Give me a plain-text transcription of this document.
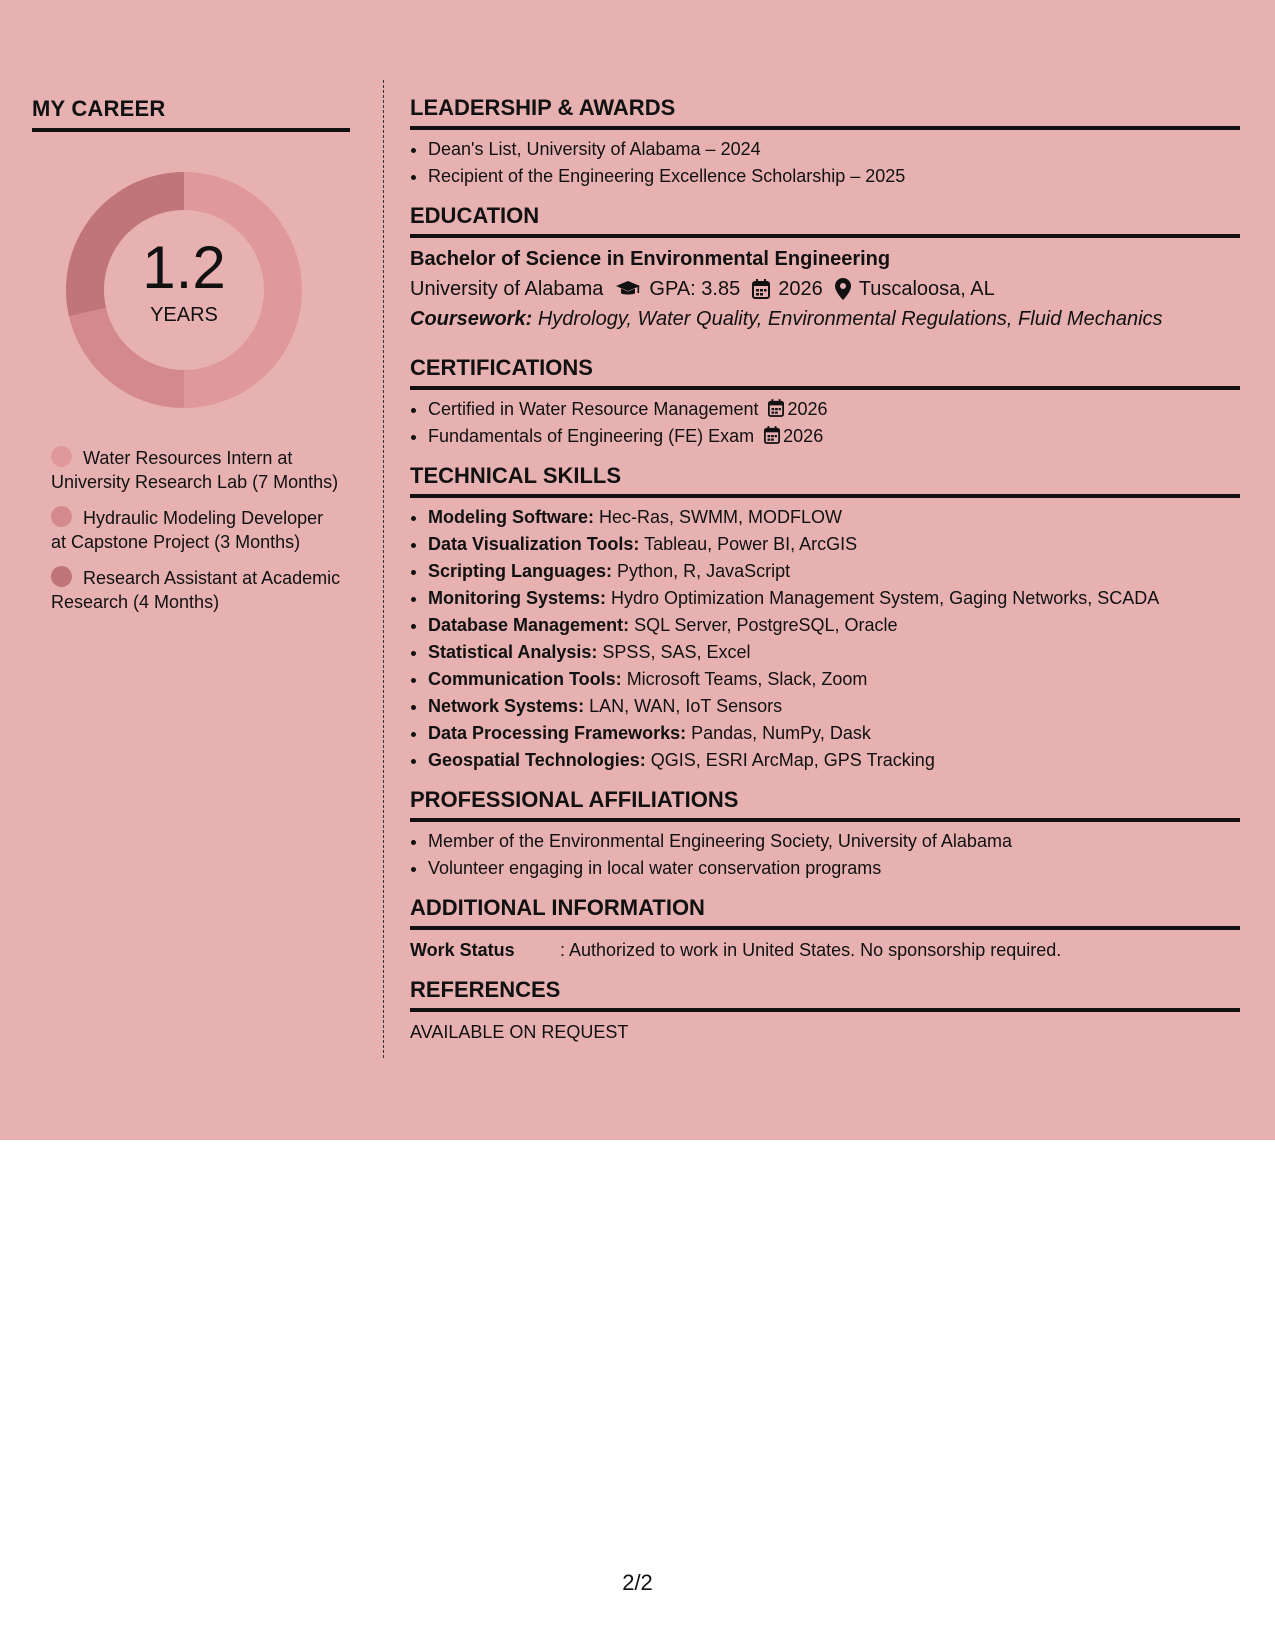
MY CAREER
1.2
YEARS
Water Resources Intern at University Research Lab (7 Months)
Hydraulic Modeling Developer at Capstone Project (3 Months)
Research Assistant at Academic Research (4 Months)
LEADERSHIP & AWARDS
• Dean's List, University of Alabama – 2024
• Recipient of the Engineering Excellence Scholarship – 2025
EDUCATION
Bachelor of Science in Environmental Engineering
University of Alabama GPA: 3.85 2026 Tuscaloosa, AL
Coursework: Hydrology, Water Quality, Environmental Regulations, Fluid Mechanics
CERTIFICATIONS
• Certified in Water Resource Management 2026
• Fundamentals of Engineering (FE) Exam 2026
TECHNICAL SKILLS
• Modeling Software: Hec-Ras, SWMM, MODFLOW
• Data Visualization Tools: Tableau, Power BI, ArcGIS
• Scripting Languages: Python, R, JavaScript
• Monitoring Systems: Hydro Optimization Management System, Gaging Networks, SCADA
• Database Management: SQL Server, PostgreSQL, Oracle
• Statistical Analysis: SPSS, SAS, Excel
• Communication Tools: Microsoft Teams, Slack, Zoom
• Network Systems: LAN, WAN, IoT Sensors
• Data Processing Frameworks: Pandas, NumPy, Dask
• Geospatial Technologies: QGIS, ESRI ArcMap, GPS Tracking
PROFESSIONAL AFFILIATIONS
• Member of the Environmental Engineering Society, University of Alabama
• Volunteer engaging in local water conservation programs
ADDITIONAL INFORMATION
Work Status	: Authorized to work in United States. No sponsorship required.
REFERENCES
AVAILABLE ON REQUEST
2/2
